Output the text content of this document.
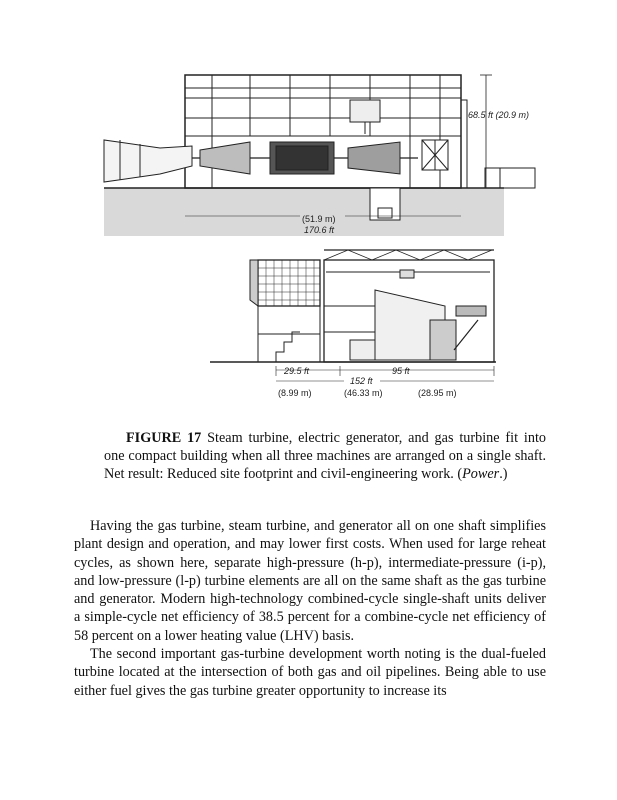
68.5 ft (20.9 m)
(51.9 m)
170.6 ft
29.5 ft	95 ft
152 ft
(8.99 m)	(46.33 m)	(28.95 m)
FIGURE 17 Steam turbine, electric generator, and gas turbine fit into one compact building when all three machines are arranged on a single shaft. Net result: Reduced site footprint and civil-engineering work. (Power.)

Having the gas turbine, steam turbine, and generator all on one shaft simplifies plant design and operation, and may lower first costs. When used for large reheat cycles, as shown here, separate high-pressure (h-p), intermediate-pressure (i-p), and low-pressure (l-p) turbine elements are all on the same shaft as the gas turbine and generator. Modern high-technology combined-cycle single-shaft units deliver a simple-cycle net efficiency of 38.5 percent for a combine-cycle net efficiency of 58 percent on a lower heating value (LHV) basis.

The second important gas-turbine development worth noting is the dual-fueled turbine located at the intersection of both gas and oil pipelines. Being able to use either fuel gives the gas turbine greater opportunity to increase its
